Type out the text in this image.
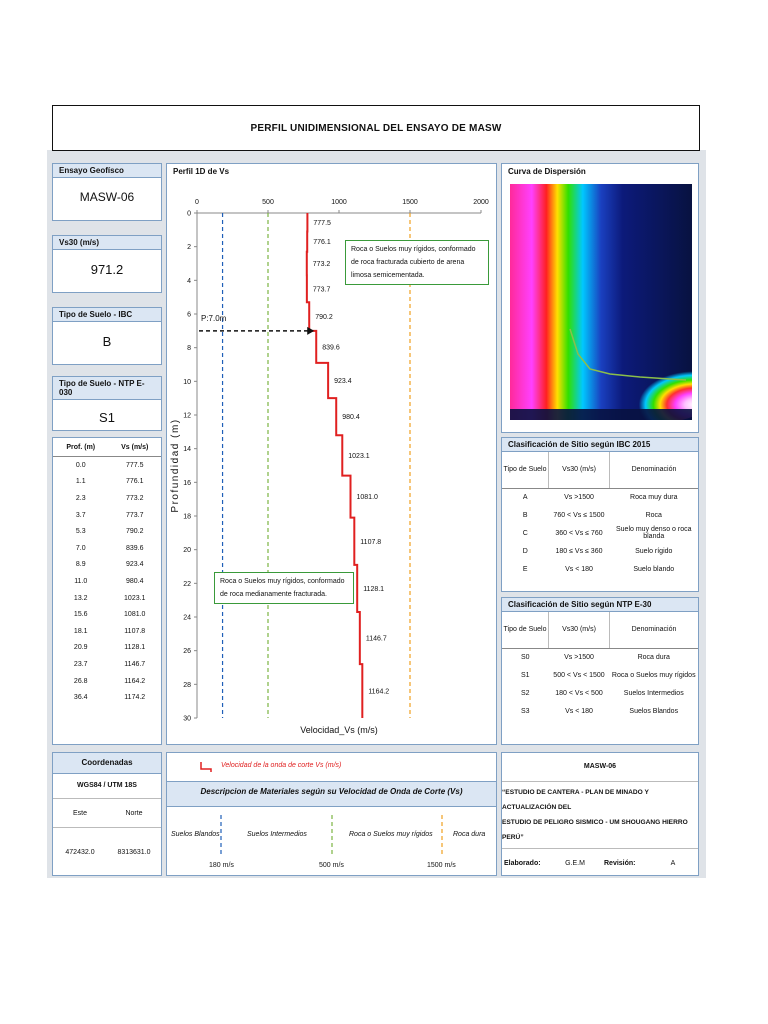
PERFIL UNIDIMENSIONAL DEL ENSAYO DE MASW
Ensayo Geofísco
MASW-06
Vs30 (m/s)
971.2
Tipo de Suelo - IBC
B
Tipo de Suelo - NTP E-030
S1
Prof. (m)	Vs (m/s)
0.0	777.5
1.1	776.1
2.3	773.2
3.7	773.7
5.3	790.2
7.0	839.6
8.9	923.4
11.0	980.4
13.2	1023.1
15.6	1081.0
18.1	1107.8
20.9	1128.1
23.7	1146.7
26.8	1164.2
36.4	1174.2
Perfil 1D de Vs
0	500	1000	1500	2000
0
2
4
6
8
10
12
14
16
18
20
22
24
26
28
30
777.5
776.1
773.2
773.7
790.2
839.6
923.4
980.4
1023.1
1081.0
1107.8
1128.1
1146.7
1164.2
P:7.0m
Velocidad_Vs (m/s)
Profundidad (m)
Curva de Dispersión
Clasificación de Sitio según IBC 2015
Tipo de Suelo	Vs30 (m/s)	Denominación
A	Vs >1500	Roca muy dura
B	760 < Vs ≤ 1500	Roca
C	360 < Vs ≤ 760	Suelo muy denso o roca blanda
D	180 ≤ Vs ≤ 360	Suelo rígido
E	Vs < 180	Suelo blando
Clasificación de Sitio según NTP E-30
Tipo de Suelo	Vs30 (m/s)	Denominación
S0	Vs >1500	Roca dura
S1	500 < Vs < 1500	Roca o Suelos muy rígidos
S2	180 < Vs < 500	Suelos Intermedios
S3	Vs < 180	Suelos Blandos
Coordenadas
WGS84 / UTM 18S
Este	Norte
472432.0	8313631.0
Velocidad de la onda de corte Vs (m/s)
Descripcion de Materiales según su Velocidad de Onda de Corte (Vs)
Suelos Blandos	Suelos Intermedios	Roca o Suelos muy rígidos	Roca dura
180 m/s	500 m/s	1500 m/s
MASW-06
“ESTUDIO DE CANTERA - PLAN DE MINADO Y ACTUALIZACIÓN DEL
ESTUDIO DE PELIGRO SISMICO - UM SHOUGANG HIERRO PERÚ”
Elaborado:	G.E.M	Revisión:	A
Roca o Suelos muy rígidos, conformado
de roca fracturada cubierto de arena
limosa semicementada.
Roca o Suelos muy rígidos, conformado
de roca medianamente fracturada.
